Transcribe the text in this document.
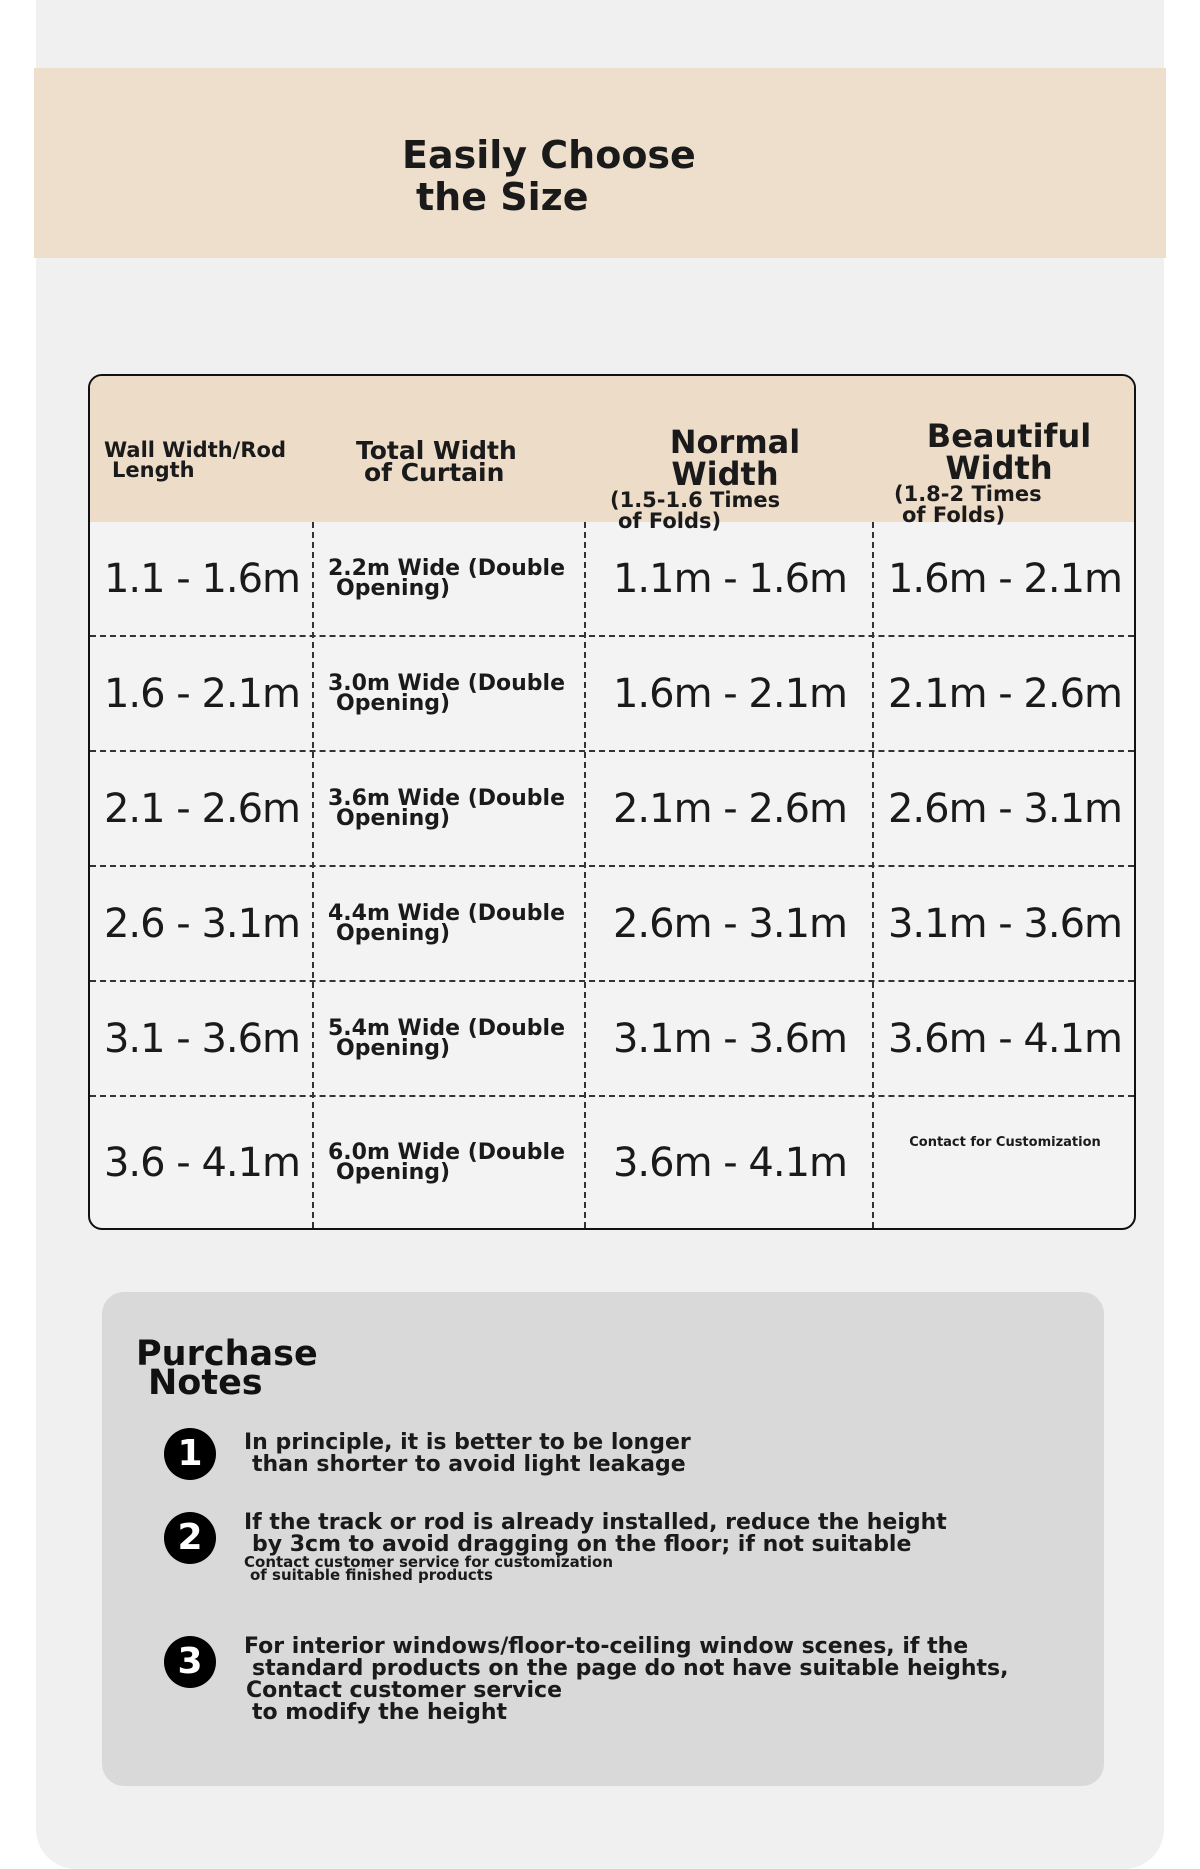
Easily Choose
the Size
Wall Width/Rod
Length
Total Width
of Curtain
Normal
Width
(1.5-1.6 Times
of Folds)
Beautiful
Width
(1.8-2 Times
of Folds)
1.1 - 1.6m	2.2m Wide (Double
Opening)	1.1m - 1.6m	1.6m - 2.1m
1.6 - 2.1m	3.0m Wide (Double
Opening)	1.6m - 2.1m	2.1m - 2.6m
2.1 - 2.6m	3.6m Wide (Double
Opening)	2.1m - 2.6m	2.6m - 3.1m
2.6 - 3.1m	4.4m Wide (Double
Opening)	2.6m - 3.1m	3.1m - 3.6m
3.1 - 3.6m	5.4m Wide (Double
Opening)	3.1m - 3.6m	3.6m - 4.1m
3.6 - 4.1m	6.0m Wide (Double
Opening)	3.6m - 4.1m	Contact for Customization
Purchase
Notes
1	In principle, it is better to be longer
than shorter to avoid light leakage
2	If the track or rod is already installed, reduce the height
by 3cm to avoid dragging on the floor; if not suitable
Contact customer service for customization
of suitable finished products
3	For interior windows/floor-to-ceiling window scenes, if the
standard products on the page do not have suitable heights,
Contact customer service
to modify the height
